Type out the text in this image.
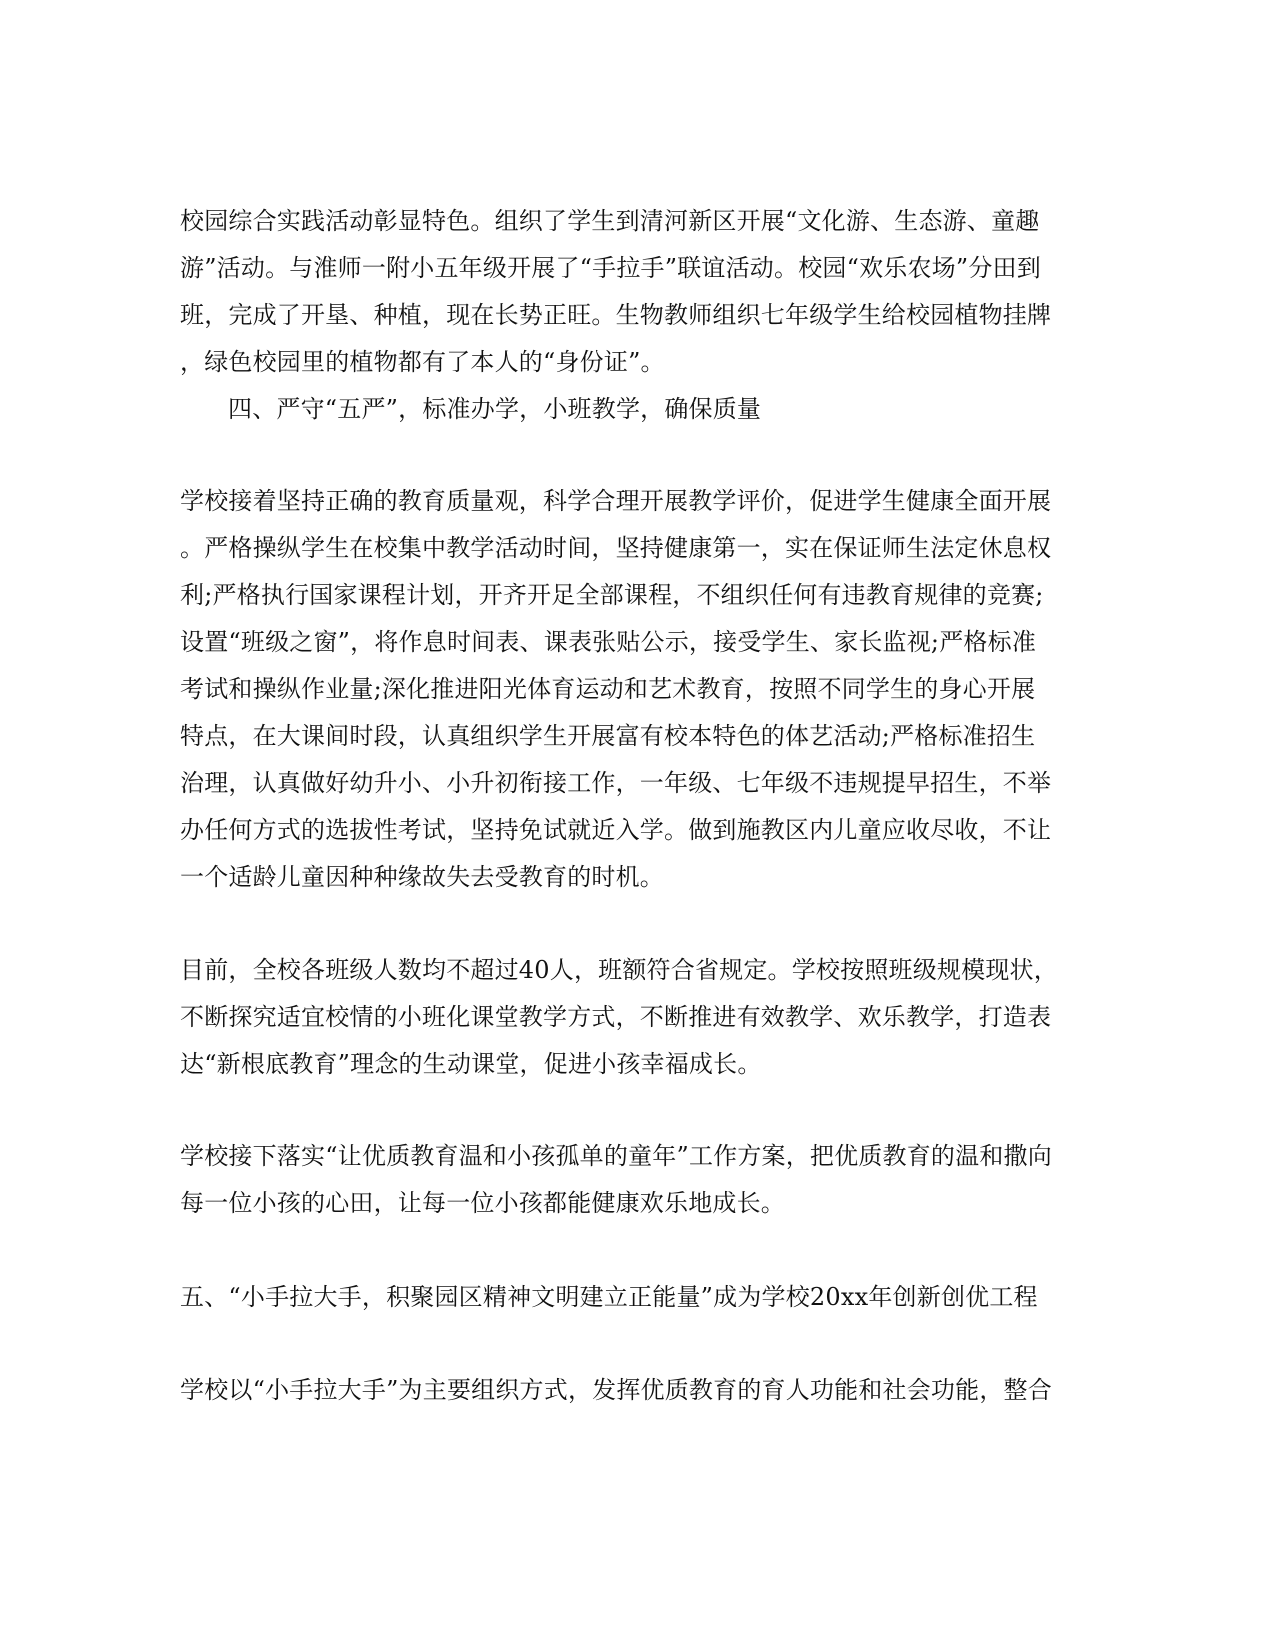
校园综合实践活动彰显特色。组织了学生到清河新区开展“文化游、生态游、童趣
游”活动。与淮师一附小五年级开展了“手拉手”联谊活动。校园“欢乐农场”分田到
班，完成了开垦、种植，现在长势正旺。生物教师组织七年级学生给校园植物挂牌
，绿色校园里的植物都有了本人的“身份证”。
四、严守“五严”，标准办学，小班教学，确保质量
学校接着坚持正确的教育质量观，科学合理开展教学评价，促进学生健康全面开展
。严格操纵学生在校集中教学活动时间，坚持健康第一，实在保证师生法定休息权
利;严格执行国家课程计划，开齐开足全部课程，不组织任何有违教育规律的竞赛;
设置“班级之窗”，将作息时间表、课表张贴公示，接受学生、家长监视;严格标准
考试和操纵作业量;深化推进阳光体育运动和艺术教育，按照不同学生的身心开展
特点，在大课间时段，认真组织学生开展富有校本特色的体艺活动;严格标准招生
治理，认真做好幼升小、小升初衔接工作，一年级、七年级不违规提早招生，不举
办任何方式的选拔性考试，坚持免试就近入学。做到施教区内儿童应收尽收，不让
一个适龄儿童因种种缘故失去受教育的时机。
目前，全校各班级人数均不超过40人，班额符合省规定。学校按照班级规模现状，
不断探究适宜校情的小班化课堂教学方式，不断推进有效教学、欢乐教学，打造表
达“新根底教育”理念的生动课堂，促进小孩幸福成长。
学校接下落实“让优质教育温和小孩孤单的童年”工作方案，把优质教育的温和撒向
每一位小孩的心田，让每一位小孩都能健康欢乐地成长。
五、“小手拉大手，积聚园区精神文明建立正能量”成为学校20xx年创新创优工程
学校以“小手拉大手”为主要组织方式，发挥优质教育的育人功能和社会功能，整合
